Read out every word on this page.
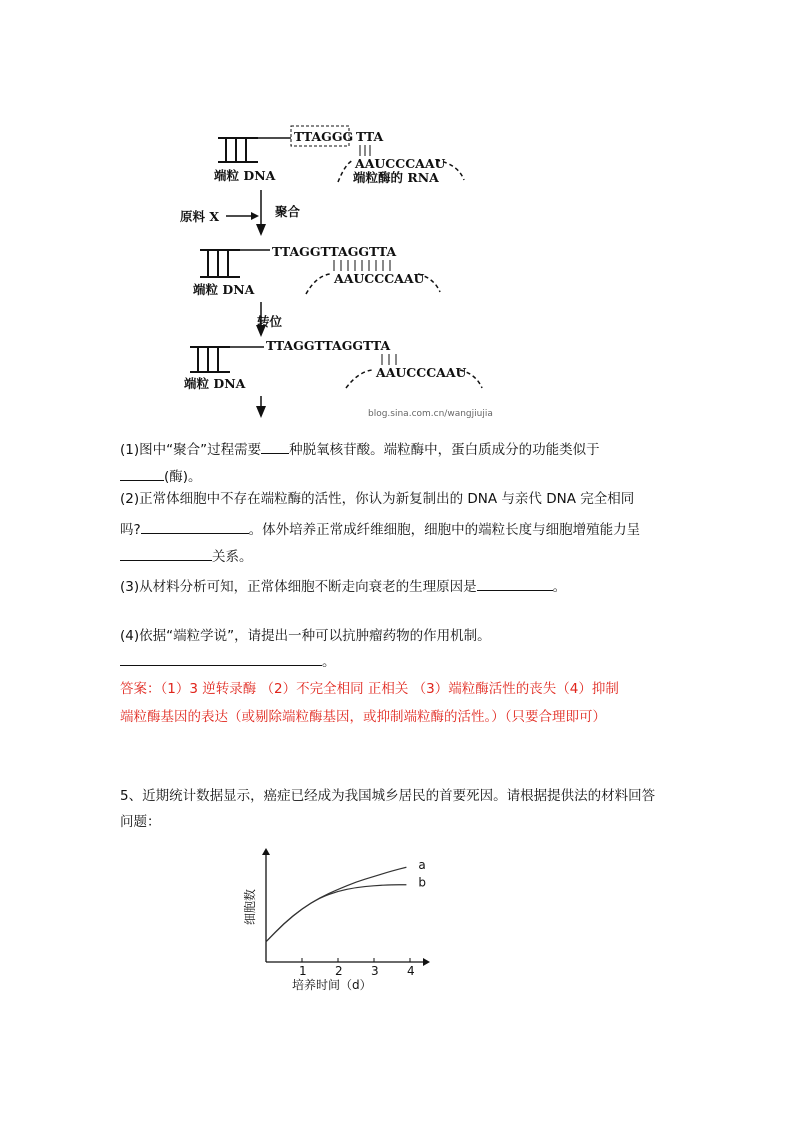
TTAGGG TTA
AAUCCCAAU
端粒 DNA	端粒酶的 RNA
原料 X	聚合
TTAGGTTAGGTTA
AAUCCCAAU
端粒 DNA
转位
TTAGGTTAGGTTA
AAUCCCAAU
端粒 DNA
blog.sina.com.cn/wangjiujia
(1)图中“聚合”过程需要 种脱氧核苷酸。端粒酶中，蛋白质成分的功能类似于
(酶)。
(2)正常体细胞中不存在端粒酶的活性，你认为新复制出的 DNA 与亲代 DNA 完全相同
吗?	。体外培养正常成纤维细胞，细胞中的端粒长度与细胞增殖能力呈
关系。
(3)从材料分析可知，正常体细胞不断走向衰老的生理原因是	。
(4)依据“端粒学说”，请提出一种可以抗肿瘤药物的作用机制。
。
答案：（1）3 逆转录酶 （2）不完全相同 正相关 （3）端粒酶活性的丧失（4）抑制
端粒酶基因的表达（或剔除端粒酶基因，或抑制端粒酶的活性。）（只要合理即可）
5、近期统计数据显示，癌症已经成为我国城乡居民的首要死因。请根据提供法的材料回答
问题：
1 2 3 4
a
b
细胞数
培养时间（d）
